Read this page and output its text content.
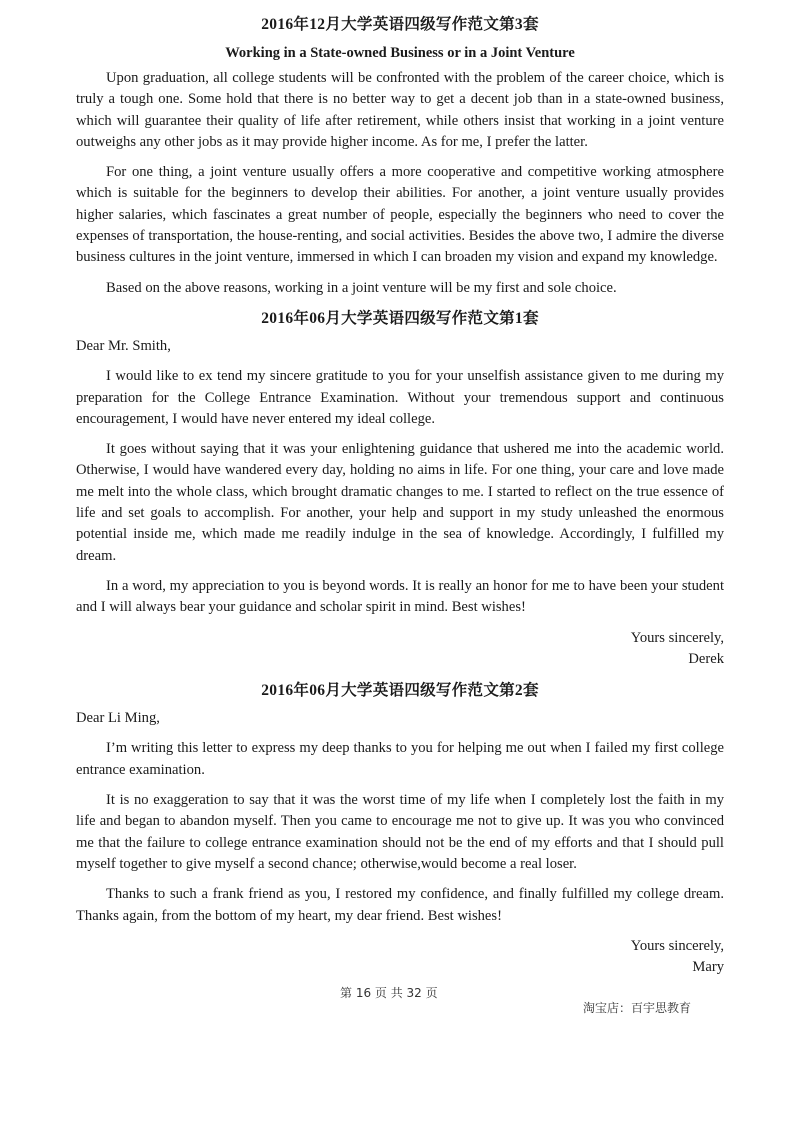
2016年12月大学英语四级写作范文第3套
Working in a State-owned Business or in a Joint Venture

Upon graduation, all college students will be confronted with the problem of the career choice, which is truly a tough one. Some hold that there is no better way to get a decent job than in a state-owned business, which will guarantee their quality of life after retirement, while others insist that working in a joint venture outweighs any other jobs as it may provide higher income. As for me, I prefer the latter.

For one thing, a joint venture usually offers a more cooperative and competitive working atmosphere which is suitable for the beginners to develop their abilities. For another, a joint venture usually provides higher salaries, which fascinates a great number of people, especially the beginners who need to cover the expenses of transportation, the house-renting, and social activities. Besides the above two, I admire the diverse business cultures in the joint venture, immersed in which I can broaden my vision and expand my knowledge.

Based on the above reasons, working in a joint venture will be my first and sole choice.

2016年06月大学英语四级写作范文第1套

Dear Mr. Smith,

I would like to ex tend my sincere gratitude to you for your unselfish assistance given to me during my preparation for the College Entrance Examination. Without your tremendous support and continuous encouragement, I would have never entered my ideal college.

It goes without saying that it was your enlightening guidance that ushered me into the academic world. Otherwise, I would have wandered every day, holding no aims in life. For one thing, your care and love made me melt into the whole class, which brought dramatic changes to me. I started to reflect on the true essence of life and set goals to accomplish. For another, your help and support in my study unleashed the enormous potential inside me, which made me readily indulge in the sea of knowledge. Accordingly, I fulfilled my dream.

In a word, my appreciation to you is beyond words. It is really an honor for me to have been your student and I will always bear your guidance and scholar spirit in mind. Best wishes!

Yours sincerely,

Derek

2016年06月大学英语四级写作范文第2套

Dear Li Ming,

I’m writing this letter to express my deep thanks to you for helping me out when I failed my first college entrance examination.

It is no exaggeration to say that it was the worst time of my life when I completely lost the faith in my life and began to abandon myself. Then you came to encourage me not to give up. It was you who convinced me that the failure to college entrance examination should not be the end of my efforts and that I should pull myself together to give myself a second chance; otherwise,would become a real loser.

Thanks to such a frank friend as you, I restored my confidence, and finally fulfilled my college dream. Thanks again, from the bottom of my heart, my dear friend. Best wishes!

Yours sincerely,

Mary

第 16 页 共 32 页
淘宝店：百宇思教育
